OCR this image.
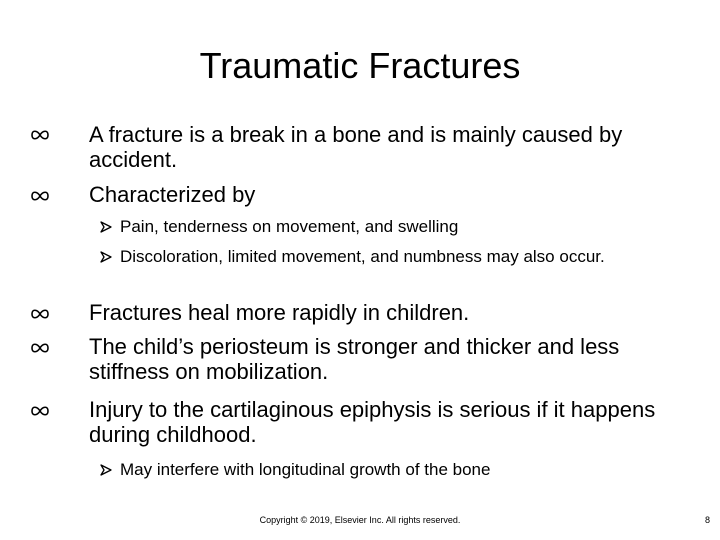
Traumatic Fractures
A fracture is a break in a bone and is mainly caused by accident.
Characterized by
Pain, tenderness on movement, and swelling
Discoloration, limited movement, and numbness may also occur.
Fractures heal more rapidly in children.
The child’s periosteum is stronger and thicker and less stiffness on mobilization.
Injury to the cartilaginous epiphysis is serious if it happens during childhood.
May interfere with longitudinal growth of the bone
Copyright © 2019, Elsevier Inc. All rights reserved.	8
